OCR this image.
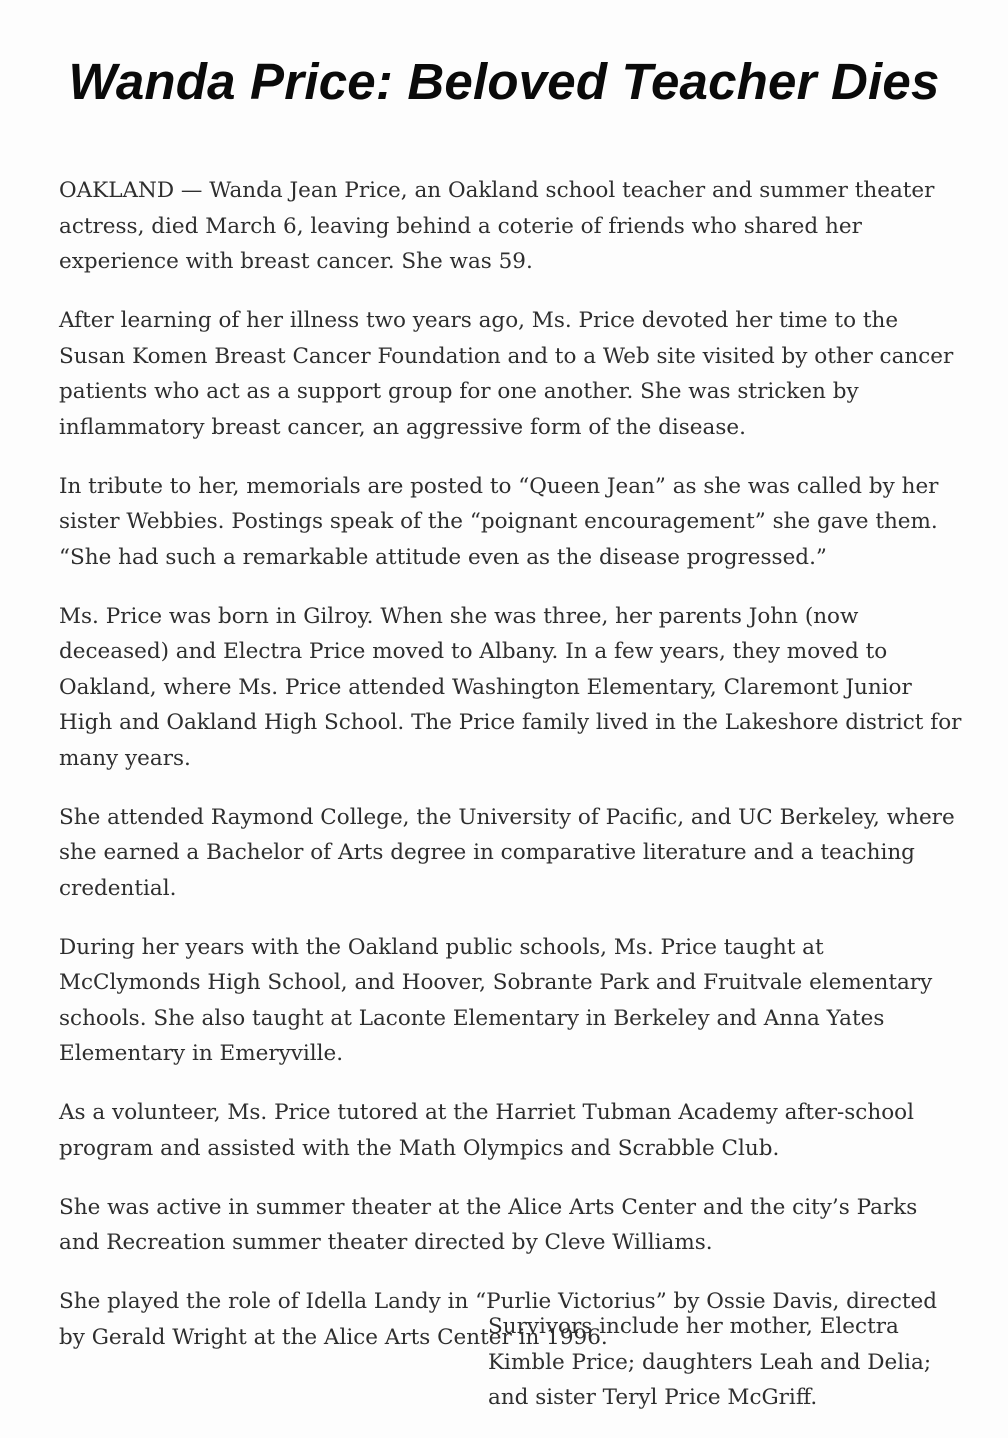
Wanda Price: Beloved Teacher Dies

OAKLAND — Wanda Jean Price, an Oakland school teacher and summer theater actress, died March 6, leaving behind a coterie of friends who shared her experience with breast cancer. She was 59.

After learning of her illness two years ago, Ms. Price devoted her time to the Susan Komen Breast Cancer Foundation and to a Web site visited by other cancer patients who act as a support group for one another. She was stricken by inflammatory breast cancer, an aggressive form of the disease.

In tribute to her, memorials are posted to “Queen Jean” as she was called by her sister Webbies. Postings speak of the “poignant encouragement” she gave them. “She had such a remarkable attitude even as the disease progressed.”

Ms. Price was born in Gilroy. When she was three, her parents John (now deceased) and Electra Price moved to Albany. In a few years, they moved to Oakland, where Ms. Price attended Washington Elementary, Claremont Junior High and Oakland High School. The Price family lived in the Lakeshore district for many years.

She attended Raymond College, the University of Pacific, and UC Berkeley, where she earned a Bachelor of Arts degree in comparative literature and a teaching credential.

During her years with the Oakland public schools, Ms. Price taught at McClymonds High School, and Hoover, Sobrante Park and Fruitvale elementary schools. She also taught at Laconte Elementary in Berkeley and Anna Yates Elementary in Emeryville.

As a volunteer, Ms. Price tutored at the Harriet Tubman Academy after-school program and assisted with the Math Olympics and Scrabble Club.

She was active in summer theater at the Alice Arts Center and the city’s Parks and Recreation summer theater directed by Cleve Williams.

She played the role of Idella Landy in “Purlie Victorius” by Ossie Davis, directed by Gerald Wright at the Alice Arts Center in 1996.

Survivors include her mother, Electra
Kimble Price; daughters Leah and Delia;
and sister Teryl Price McGriff.
